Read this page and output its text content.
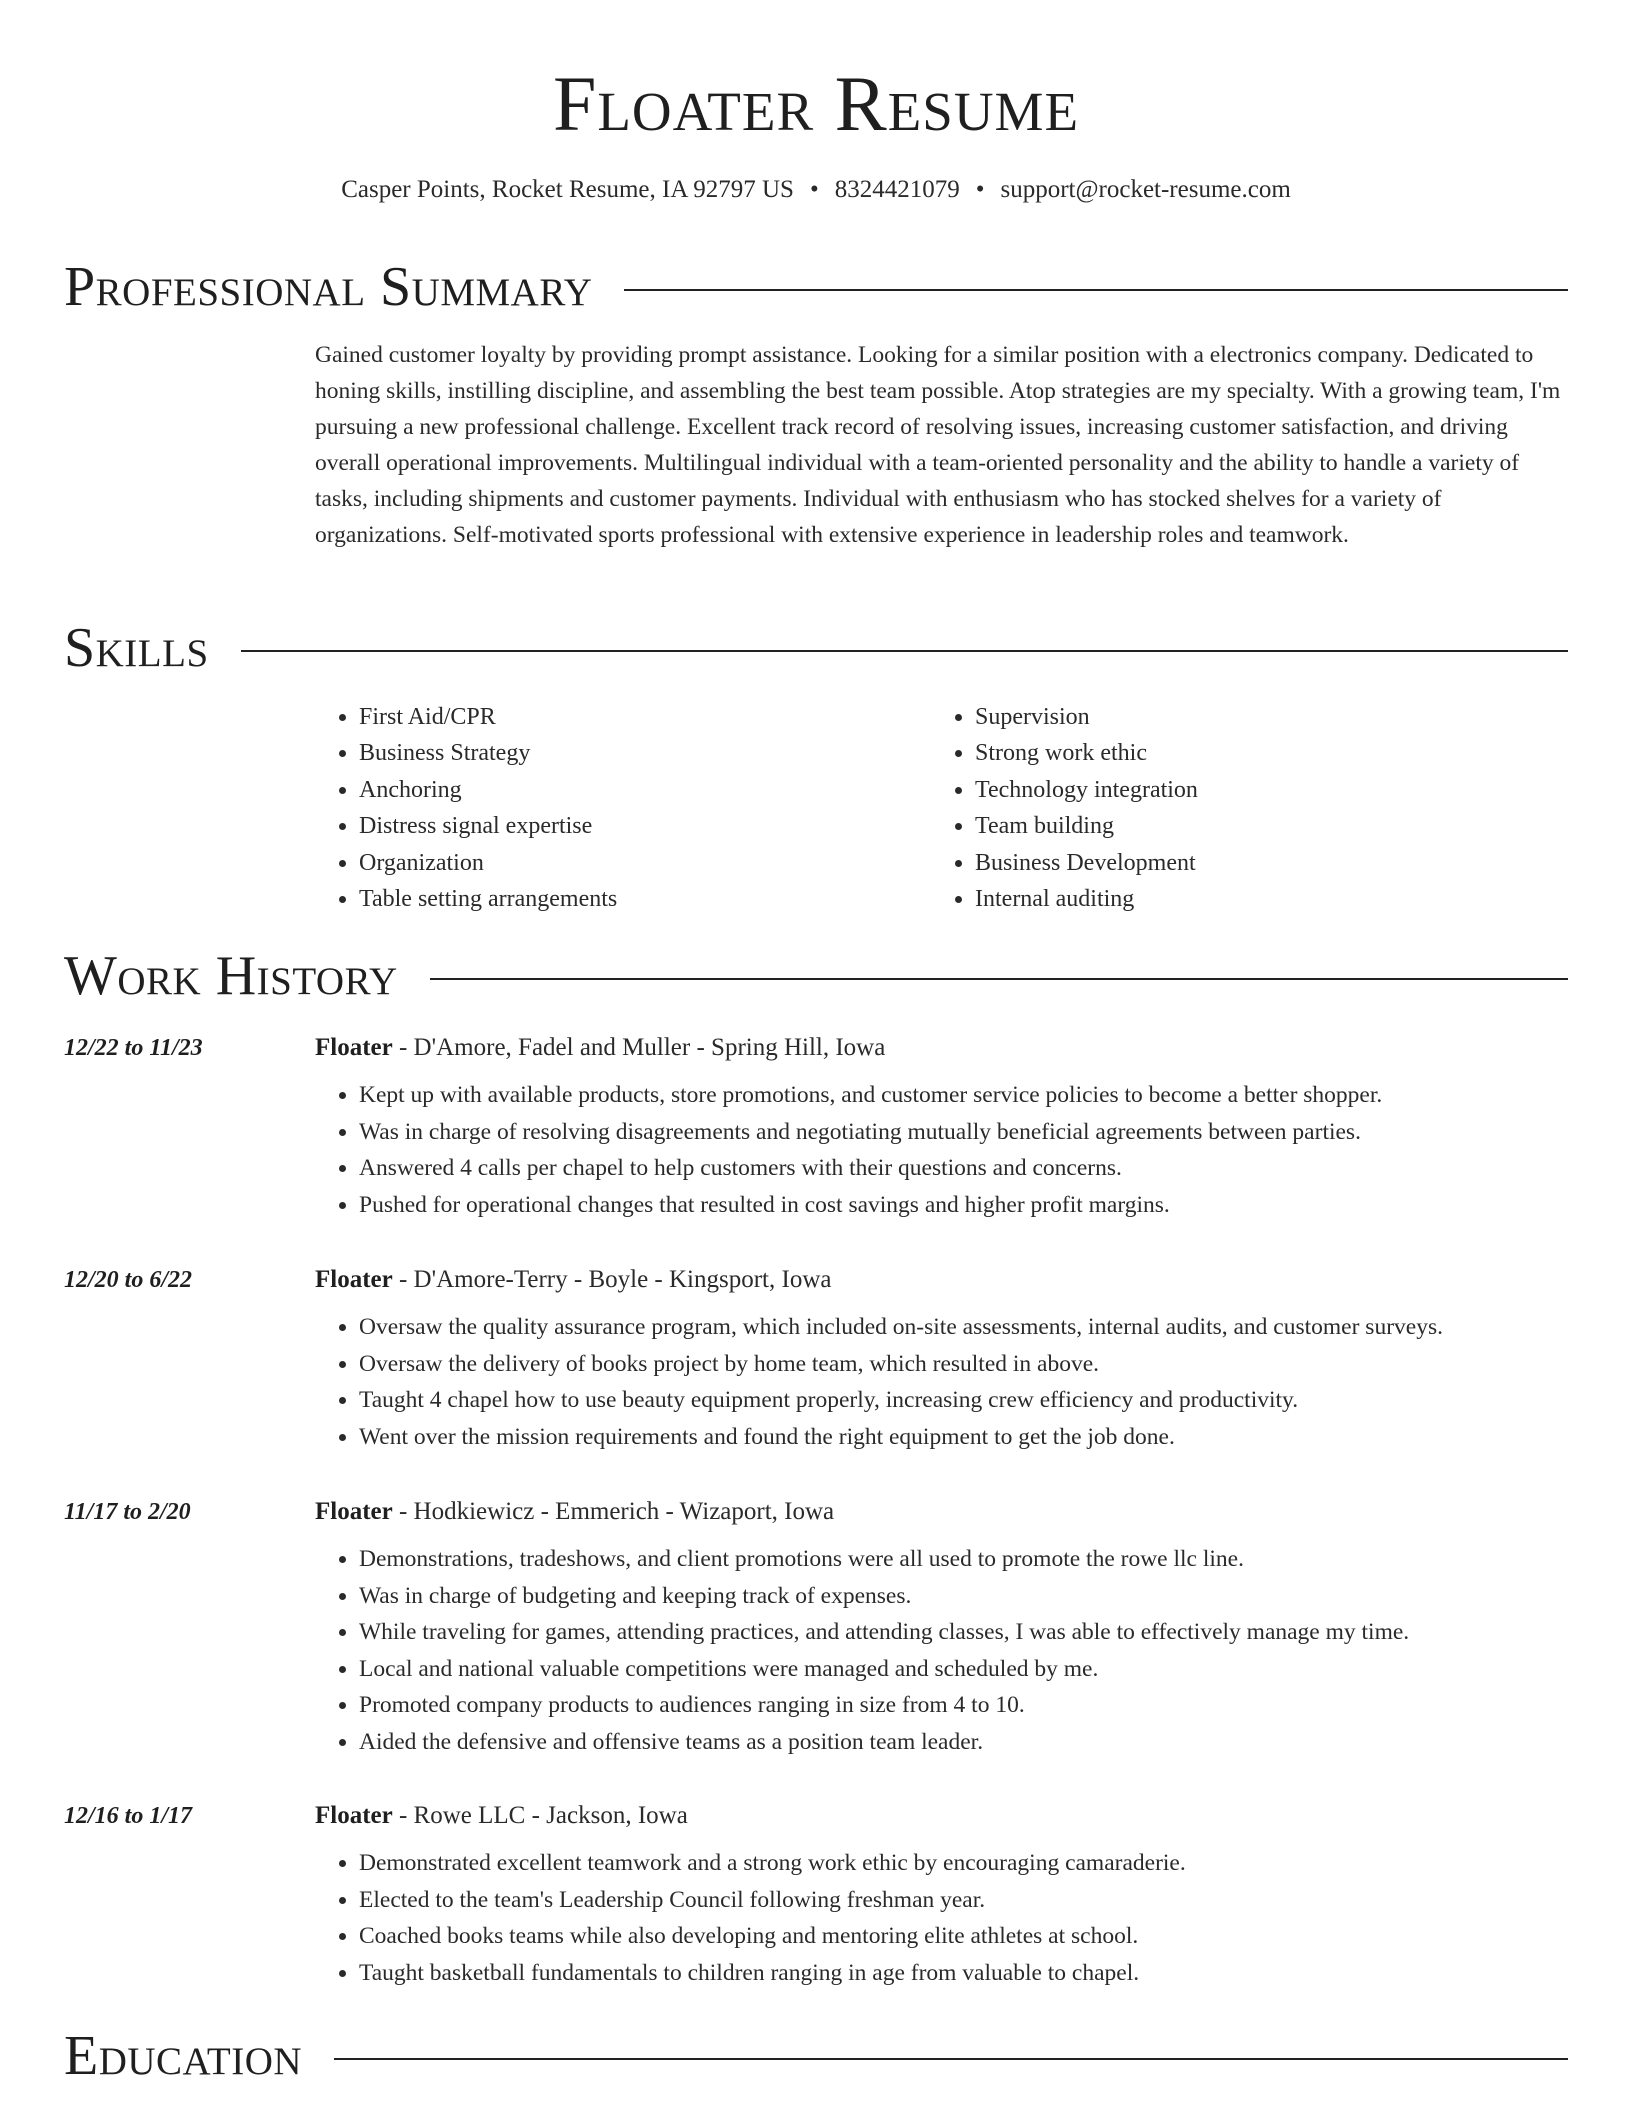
Floater Resume
Casper Points, Rocket Resume, IA 92797 US • 8324421079 • support@rocket-resume.com
Professional Summary
Gained customer loyalty by providing prompt assistance. Looking for a similar position with a electronics company. Dedicated to honing skills, instilling discipline, and assembling the best team possible. Atop strategies are my specialty. With a growing team, I'm pursuing a new professional challenge. Excellent track record of resolving issues, increasing customer satisfaction, and driving overall operational improvements. Multilingual individual with a team-oriented personality and the ability to handle a variety of tasks, including shipments and customer payments. Individual with enthusiasm who has stocked shelves for a variety of organizations. Self-motivated sports professional with extensive experience in leadership roles and teamwork.
Skills
• First Aid/CPR
• Business Strategy
• Anchoring
• Distress signal expertise
• Organization
• Table setting arrangements
• Supervision
• Strong work ethic
• Technology integration
• Team building
• Business Development
• Internal auditing
Work History
12/22 to 11/23	Floater - D'Amore, Fadel and Muller - Spring Hill, Iowa
• Kept up with available products, store promotions, and customer service policies to become a better shopper.
• Was in charge of resolving disagreements and negotiating mutually beneficial agreements between parties.
• Answered 4 calls per chapel to help customers with their questions and concerns.
• Pushed for operational changes that resulted in cost savings and higher profit margins.
12/20 to 6/22	Floater - D'Amore-Terry - Boyle - Kingsport, Iowa
• Oversaw the quality assurance program, which included on-site assessments, internal audits, and customer surveys.
• Oversaw the delivery of books project by home team, which resulted in above.
• Taught 4 chapel how to use beauty equipment properly, increasing crew efficiency and productivity.
• Went over the mission requirements and found the right equipment to get the job done.
11/17 to 2/20	Floater - Hodkiewicz - Emmerich - Wizaport, Iowa
• Demonstrations, tradeshows, and client promotions were all used to promote the rowe llc line.
• Was in charge of budgeting and keeping track of expenses.
• While traveling for games, attending practices, and attending classes, I was able to effectively manage my time.
• Local and national valuable competitions were managed and scheduled by me.
• Promoted company products to audiences ranging in size from 4 to 10.
• Aided the defensive and offensive teams as a position team leader.
12/16 to 1/17	Floater - Rowe LLC - Jackson, Iowa
• Demonstrated excellent teamwork and a strong work ethic by encouraging camaraderie.
• Elected to the team's Leadership Council following freshman year.
• Coached books teams while also developing and mentoring elite athletes at school.
• Taught basketball fundamentals to children ranging in age from valuable to chapel.
Education
